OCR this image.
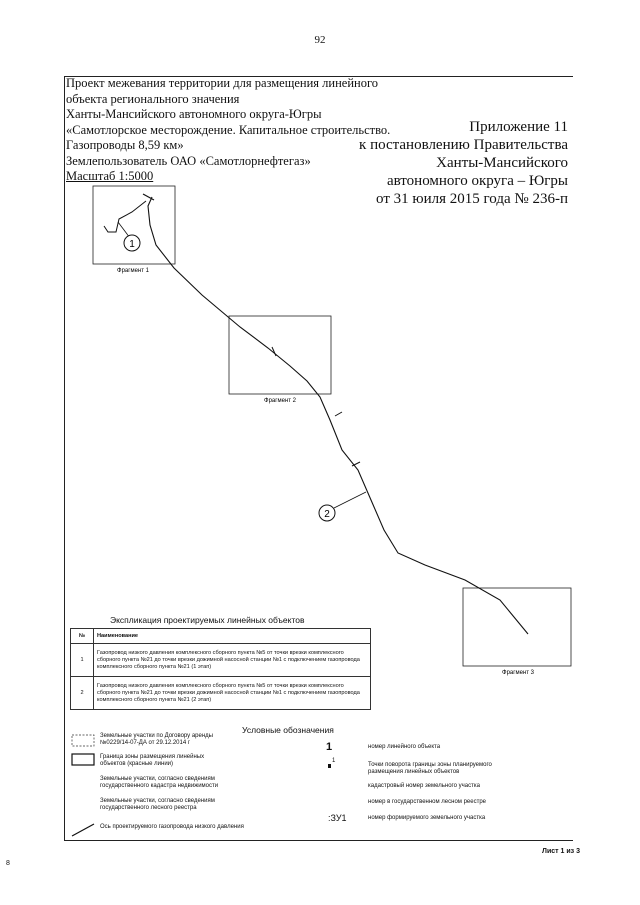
92
Проект межевания территории для размещения линейного
объекта регионального значения
Ханты-Мансийского автономного округа-Югры
«Самотлорское месторождение. Капитальное строительство.
Газопроводы 8,59 км»
Землепользователь ОАО «Самотлорнефтегаз»
Масштаб 1:5000
Приложение 11
к постановлению Правительства
Ханты-Мансийского
автономного округа – Югры
от 31 юиля 2015 года № 236-п
1
2
Фрагмент 1
Фрагмент 2
Фрагмент 3
Экспликация проектируемых линейных объектов
№	Наименование
1	Газопровод низкого давления комплексного сборного пункта №5 от точки врезки комплексного сборного пункта №21 до точки врезки дожимной насосной станции №1 с подключением газопровода комплексного сборного пункта №21 (1 этап)
2	Газопровод низкого давления комплексного сборного пункта №5 от точки врезки комплексного сборного пункта №21 до точки врезки дожимной насосной станции №1 с подключением газопровода комплексного сборного пункта №21 (2 этап)
Условные обозначения
Земельные участки по Договору аренды №0229/14-07-ДА от 29.12.2014 г
Граница зоны размещения линейных объектов (красные линии)
Земельные участки, согласно сведениям государственного кадастра недвижимости
Земельные участки, согласно сведениям государственного лесного реестра
Ось проектируемого газопровода низкого давления
1	номер линейного объекта
1
Точки поворота границы зоны планируемого размещения линейных объектов
кадастровый номер земельного участка
номер в государственном лесном реестре
:ЗУ1	номер формируемого земельного участка
Лист 1 из 3
8
